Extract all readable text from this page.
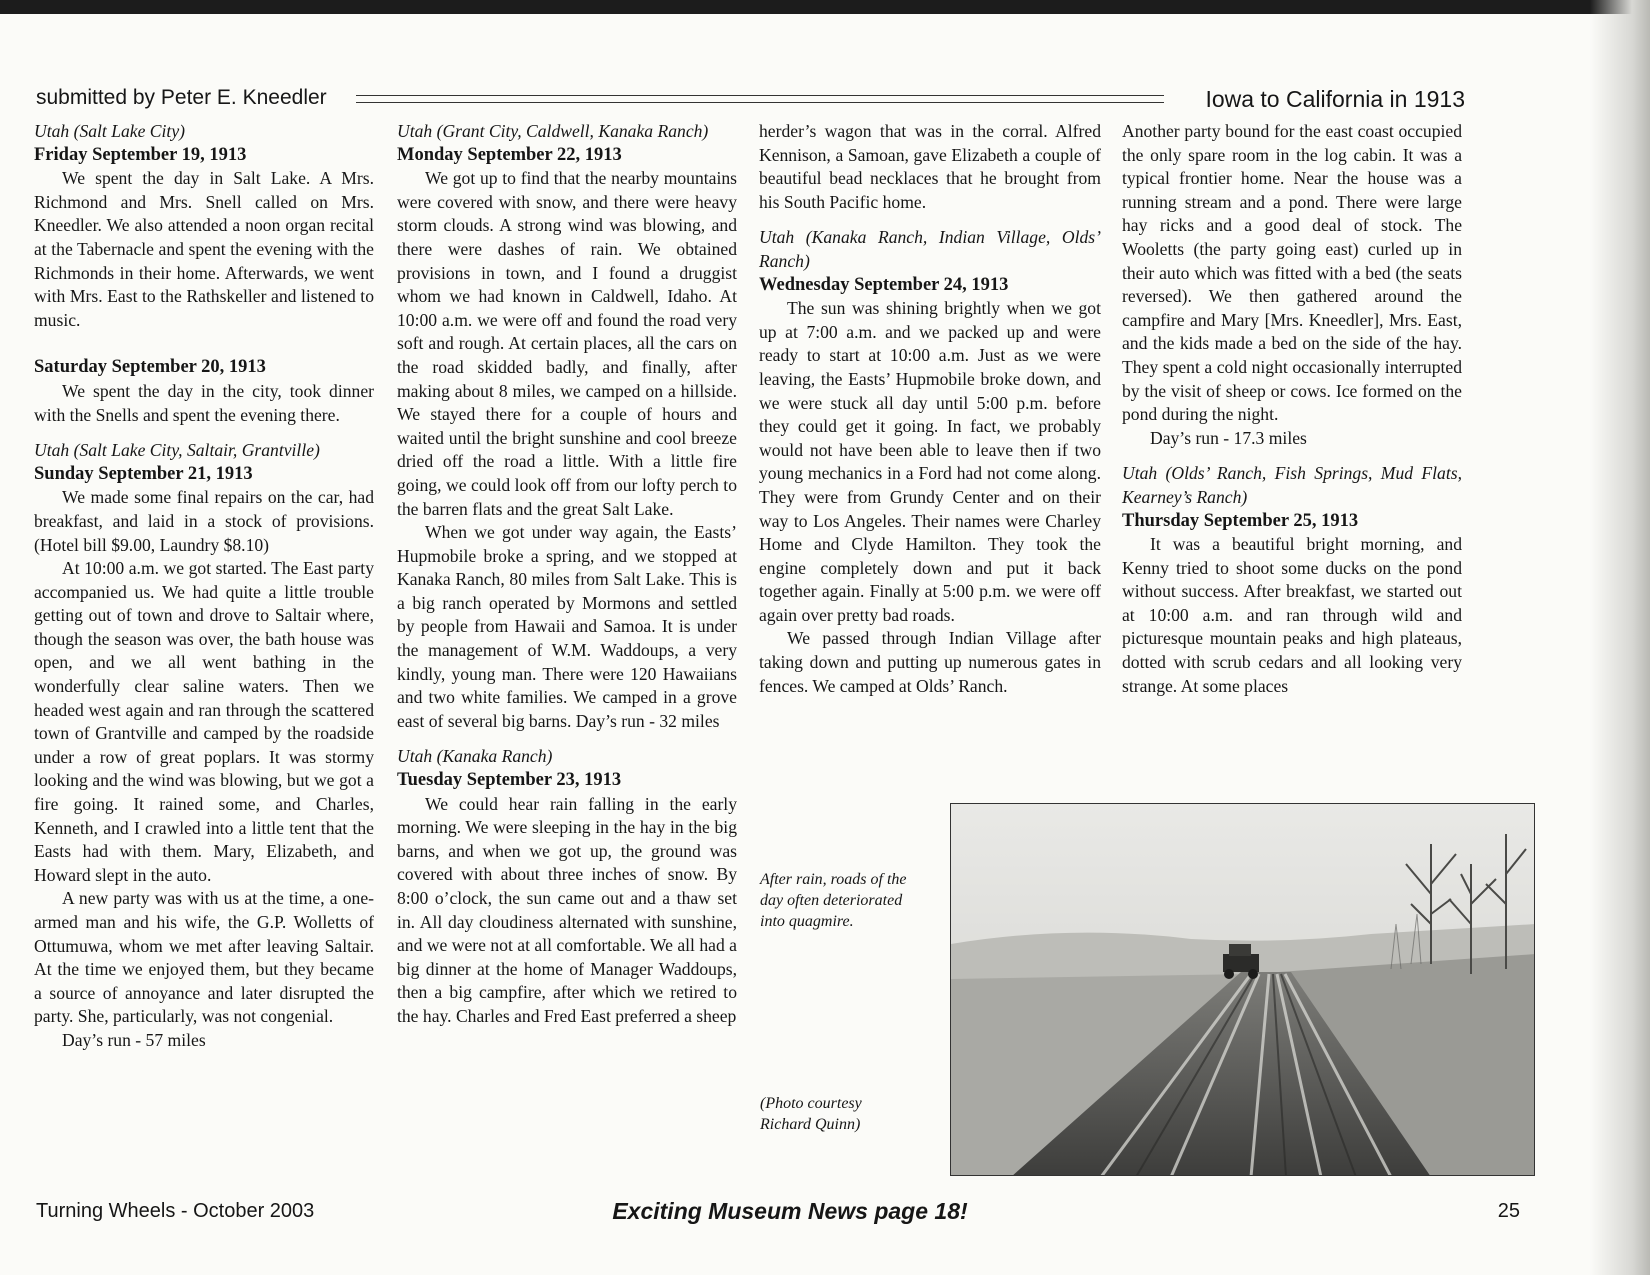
submitted by Peter E. Kneedler	Iowa to California in 1913

Utah (Salt Lake City)

Friday September 19, 1913

We spent the day in Salt Lake. A Mrs. Richmond and Mrs. Snell called on Mrs. Kneedler. We also attended a noon organ recital at the Tabernacle and spent the evening with the Richmonds in their home. Afterwards, we went with Mrs. East to the Rathskeller and listened to music.

Saturday September 20, 1913

We spent the day in the city, took dinner with the Snells and spent the evening there.

Utah (Salt Lake City, Saltair, Grantville)

Sunday September 21, 1913

We made some final repairs on the car, had breakfast, and laid in a stock of provisions. (Hotel bill $9.00, Laundry $8.10)

At 10:00 a.m. we got started. The East party accompanied us. We had quite a little trouble getting out of town and drove to Saltair where, though the season was over, the bath house was open, and we all went bathing in the wonderfully clear saline waters. Then we headed west again and ran through the scattered town of Grantville and camped by the roadside under a row of great poplars. It was stormy looking and the wind was blowing, but we got a fire going. It rained some, and Charles, Kenneth, and I crawled into a little tent that the Easts had with them. Mary, Elizabeth, and Howard slept in the auto.

A new party was with us at the time, a one-armed man and his wife, the G.P. Wolletts of Ottumuwa, whom we met after leaving Saltair. At the time we enjoyed them, but they became a source of annoyance and later disrupted the party. She, particularly, was not congenial.

Day’s run - 57 miles

Utah (Grant City, Caldwell, Kanaka Ranch)

Monday September 22, 1913

We got up to find that the nearby mountains were covered with snow, and there were heavy storm clouds. A strong wind was blowing, and there were dashes of rain. We obtained provisions in town, and I found a druggist whom we had known in Caldwell, Idaho. At 10:00 a.m. we were off and found the road very soft and rough. At certain places, all the cars on the road skidded badly, and finally, after making about 8 miles, we camped on a hillside. We stayed there for a couple of hours and waited until the bright sunshine and cool breeze dried off the road a little. With a little fire going, we could look off from our lofty perch to the barren flats and the great Salt Lake.

When we got under way again, the Easts’ Hupmobile broke a spring, and we stopped at Kanaka Ranch, 80 miles from Salt Lake. This is a big ranch operated by Mormons and settled by people from Hawaii and Samoa. It is under the management of W.M. Waddoups, a very kindly, young man. There were 120 Hawaiians and two white families. We camped in a grove east of several big barns. Day’s run - 32 miles

Utah (Kanaka Ranch)

Tuesday September 23, 1913

We could hear rain falling in the early morning. We were sleeping in the hay in the big barns, and when we got up, the ground was covered with about three inches of snow. By 8:00 o’clock, the sun came out and a thaw set in. All day cloudiness alternated with sunshine, and we were not at all comfortable. We all had a big dinner at the home of Manager Waddoups, then a big campfire, after which we retired to the hay. Charles and Fred East preferred a sheep

herder’s wagon that was in the corral. Alfred Kennison, a Samoan, gave Elizabeth a couple of beautiful bead necklaces that he brought from his South Pacific home.

Utah (Kanaka Ranch, Indian Village, Olds’ Ranch)

Wednesday September 24, 1913

The sun was shining brightly when we got up at 7:00 a.m. and we packed up and were ready to start at 10:00 a.m. Just as we were leaving, the Easts’ Hupmobile broke down, and we were stuck all day until 5:00 p.m. before they could get it going. In fact, we probably would not have been able to leave then if two young mechanics in a Ford had not come along. They were from Grundy Center and on their way to Los Angeles. Their names were Charley Home and Clyde Hamilton. They took the engine completely down and put it back together again. Finally at 5:00 p.m. we were off again over pretty bad roads.

We passed through Indian Village after taking down and putting up numerous gates in fences. We camped at Olds’ Ranch.

Another party bound for the east coast occupied the only spare room in the log cabin. It was a typical frontier home. Near the house was a running stream and a pond. There were large hay ricks and a good deal of stock. The Wooletts (the party going east) curled up in their auto which was fitted with a bed (the seats reversed). We then gathered around the campfire and Mary [Mrs. Kneedler], Mrs. East, and the kids made a bed on the side of the hay. They spent a cold night occasionally interrupted by the visit of sheep or cows. Ice formed on the pond during the night.

Day’s run - 17.3 miles

Utah (Olds’ Ranch, Fish Springs, Mud Flats, Kearney’s Ranch)

Thursday September 25, 1913

It was a beautiful bright morning, and Kenny tried to shoot some ducks on the pond without success. After breakfast, we started out at 10:00 a.m. and ran through wild and picturesque mountain peaks and high plateaus, dotted with scrub cedars and all looking very strange. At some places

After rain, roads of the day often deteriorated into quagmire.
(Photo courtesy Richard Quinn)
Turning Wheels - October 2003	Exciting Museum News page 18!	25
